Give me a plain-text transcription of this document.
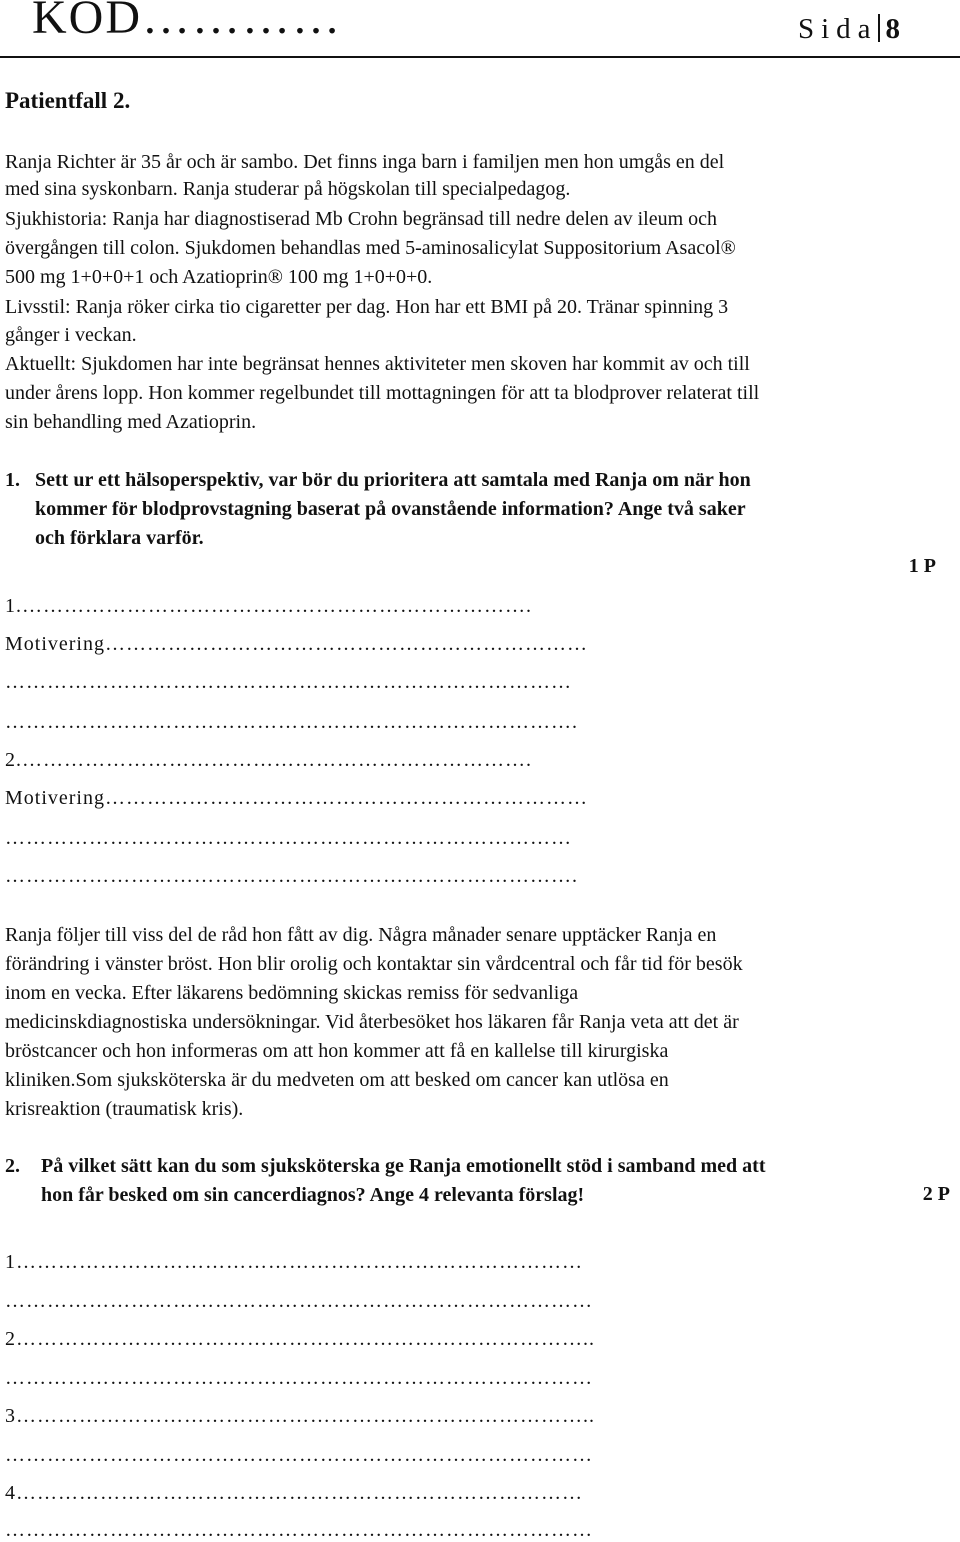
KOD…………	Sida 8
Patientfall 2.
Ranja Richter är 35 år och är sambo. Det finns inga barn i familjen men hon umgås en del
med sina syskonbarn. Ranja studerar på högskolan till specialpedagog.
Sjukhistoria: Ranja har diagnostiserad Mb Crohn begränsad till nedre delen av ileum och
övergången till colon. Sjukdomen behandlas med 5-aminosalicylat Suppositorium Asacol®
500 mg 1+0+0+1 och Azatioprin® 100 mg 1+0+0+0.
Livsstil: Ranja röker cirka tio cigaretter per dag. Hon har ett BMI på 20. Tränar spinning 3
gånger i veckan.
Aktuellt: Sjukdomen har inte begränsat hennes aktiviteter men skoven har kommit av och till
under årens lopp. Hon kommer regelbundet till mottagningen för att ta blodprover relaterat till
sin behandling med Azatioprin.
1. Sett ur ett hälsoperspektiv, var bör du prioritera att samtala med Ranja om när hon
kommer för blodprovstagning baserat på ovanstående information? Ange två saker
och förklara varför.
1 P
1.……………………………………………………………….
Motivering……………………………………………………………
………………………………………………………………………
……………………………………………………………………….
2.……………………………………………………………….
Motivering……………………………………………………………
………………………………………………………………………
……………………………………………………………………….
Ranja följer till viss del de råd hon fått av dig. Några månader senare upptäcker Ranja en
förändring i vänster bröst. Hon blir orolig och kontaktar sin vårdcentral och får tid för besök
inom en vecka. Efter läkarens bedömning skickas remiss för sedvanliga
medicinskdiagnostiska undersökningar. Vid återbesöket hos läkaren får Ranja veta att det är
bröstcancer och hon informeras om att hon kommer att få en kallelse till kirurgiska
kliniken.Som sjuksköterska är du medveten om att besked om cancer kan utlösa en
krisreaktion (traumatisk kris).
2. På vilket sätt kan du som sjuksköterska ge Ranja emotionellt stöd i samband med att
hon får besked om sin cancerdiagnos? Ange 4 relevanta förslag!	2 P
1………………………………………………………………………
…………………………………………………………………………
2………………………………………………………………………..
…………………………………………………………………………
3………………………………………………………………………..
…………………………………………………………………………
4………………………………………………………………………
…………………………………………………………………………
